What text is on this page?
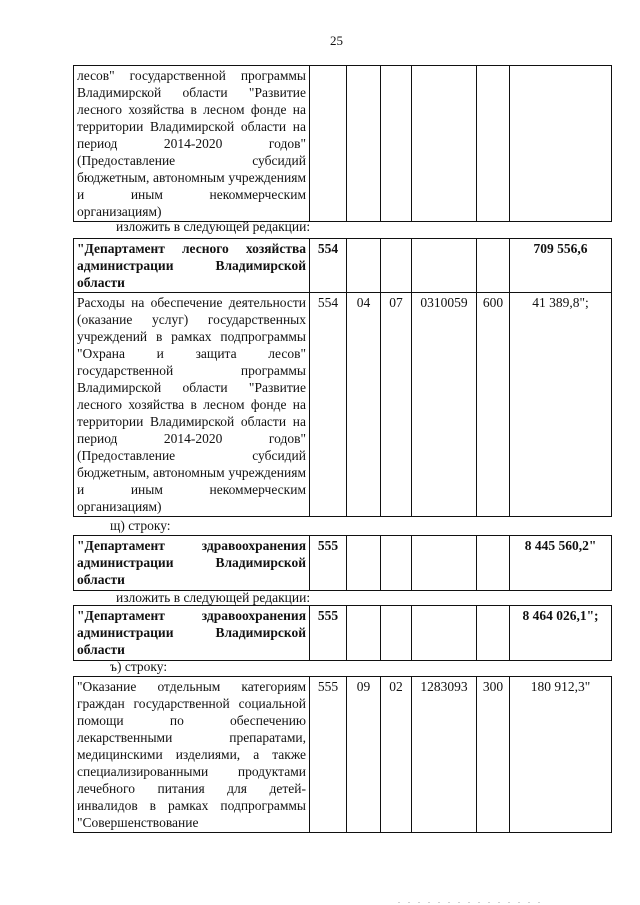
25
лесов" государственной программы Владимирской области "Развитие лесного хозяйства в лесном фонде на территории Владимирской области на период 2014-2020 годов" (Предоставление субсидий бюджетным, автономным учреждениям и иным некоммерческим организациям)						
изложить в следующей редакции:
"Департамент лесного хозяйства администрации Владимирской области	554					709 556,6
Расходы на обеспечение деятельности (оказание услуг) государственных учреждений в рамках подпрограммы "Охрана и защита лесов" государственной программы Владимирской области "Развитие лесного хозяйства в лесном фонде на территории Владимирской области на период 2014-2020 годов" (Предоставление субсидий бюджетным, автономным учреждениям и иным некоммерческим организациям)	554	04	07	0310059	600	41 389,8";
щ) строку:
"Департамент здравоохранения администрации Владимирской области	555					8 445 560,2"
изложить в следующей редакции:
"Департамент здравоохранения администрации Владимирской области	555					8 464 026,1";
ъ) строку:
"Оказание отдельным категориям граждан государственной социальной помощи по обеспечению лекарственными препаратами, медицинскими изделиями, а также специализированными продуктами лечебного питания для детей-инвалидов в рамках подпрограммы "Совершенствование	555	09	02	1283093	300	180 912,3"
. . . . . . . . . . . . . . .
